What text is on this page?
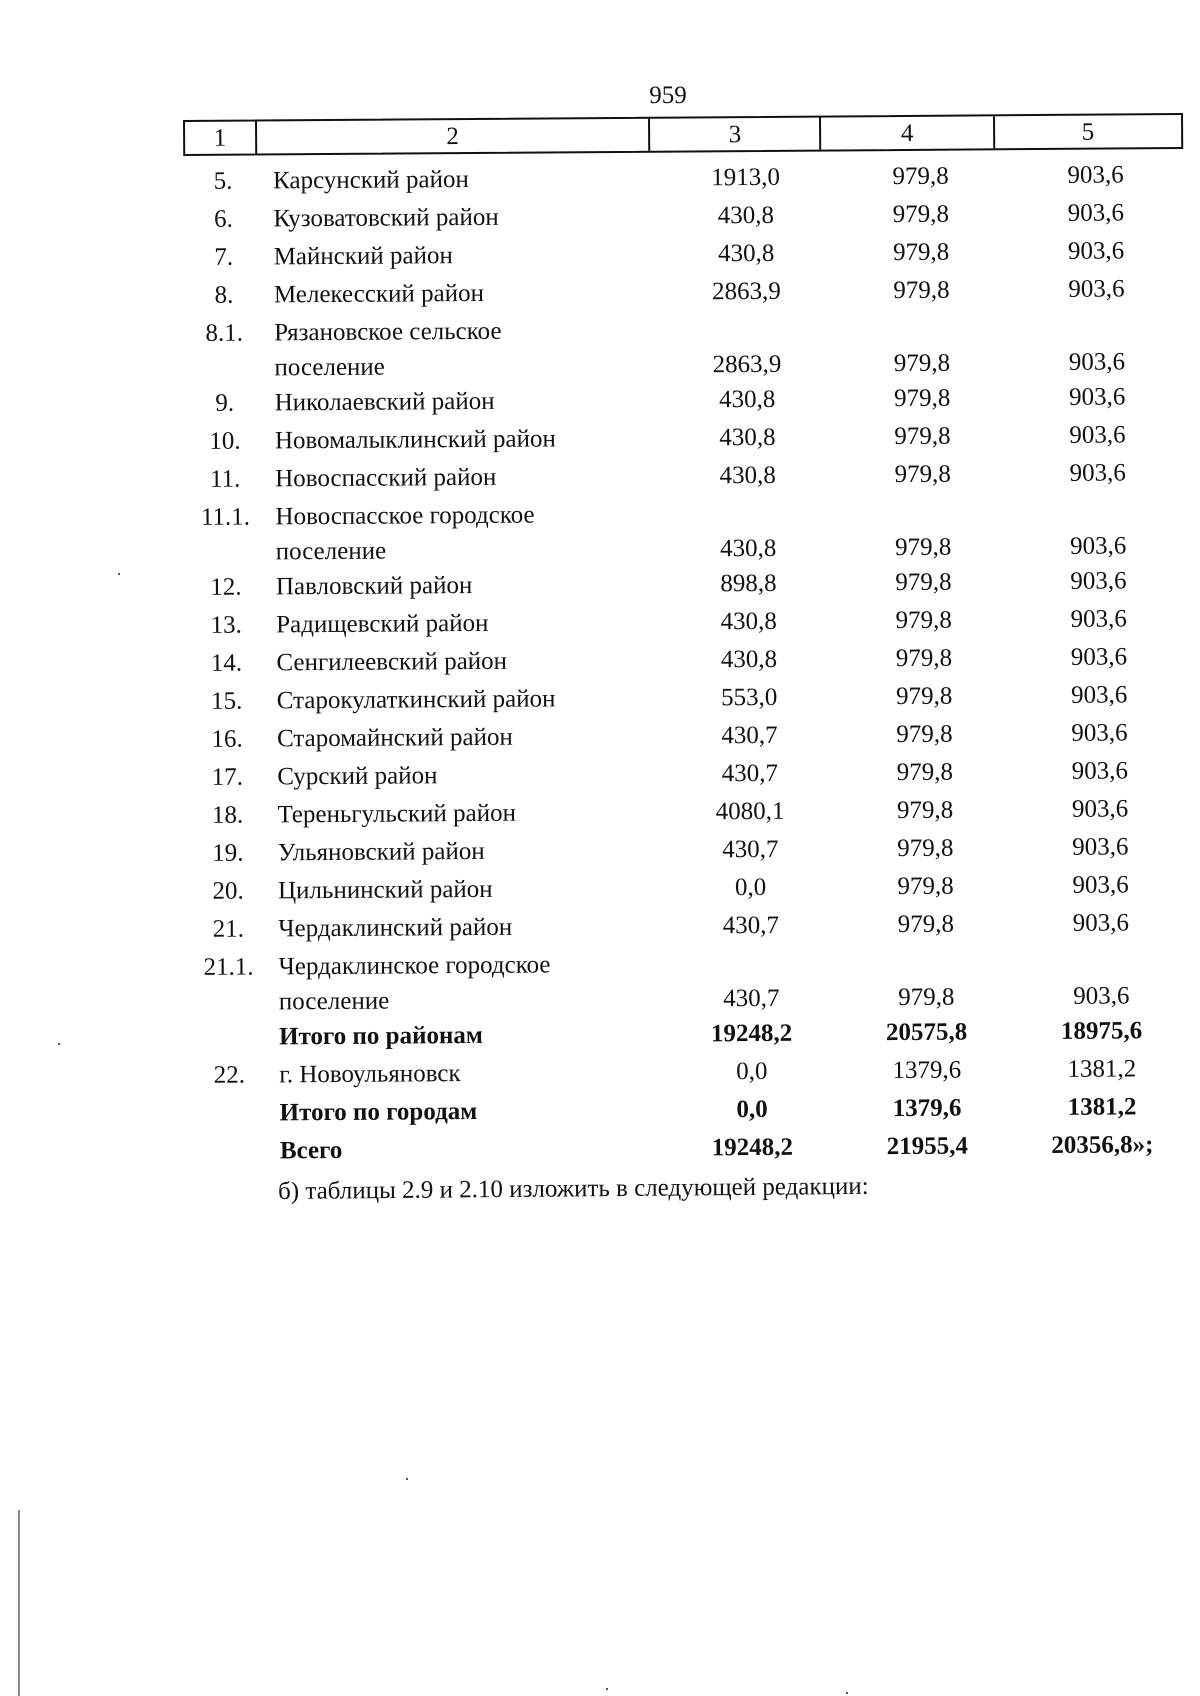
959
1	2	3	4	5
5.	Карсунский район	1913,0	979,8	903,6
6.	Кузоватовский район	430,8	979,8	903,6
7.	Майнский район	430,8	979,8	903,6
8.	Мелекесский район	2863,9	979,8	903,6
8.1.	Рязановское сельское
поселение	2863,9	979,8	903,6
9.	Николаевский район	430,8	979,8	903,6
10.	Новомалыклинский район	430,8	979,8	903,6
11.	Новоспасский район	430,8	979,8	903,6
11.1.	Новоспасское городское
поселение	430,8	979,8	903,6
12.	Павловский район	898,8	979,8	903,6
13.	Радищевский район	430,8	979,8	903,6
14.	Сенгилеевский район	430,8	979,8	903,6
15.	Старокулаткинский район	553,0	979,8	903,6
16.	Старомайнский район	430,7	979,8	903,6
17.	Сурский район	430,7	979,8	903,6
18.	Тереньгульский район	4080,1	979,8	903,6
19.	Ульяновский район	430,7	979,8	903,6
20.	Цильнинский район	0,0	979,8	903,6
21.	Чердаклинский район	430,7	979,8	903,6
21.1. Чердаклинское городское
поселение	430,7	979,8	903,6
Итого по районам	19248,2	20575,8	18975,6
22.	г. Новоульяновск	0,0	1379,6	1381,2
Итого по городам	0,0	1379,6	1381,2
Всего	19248,2	21955,4	20356,8»;
б) таблицы 2.9 и 2.10 изложить в следующей редакции:
